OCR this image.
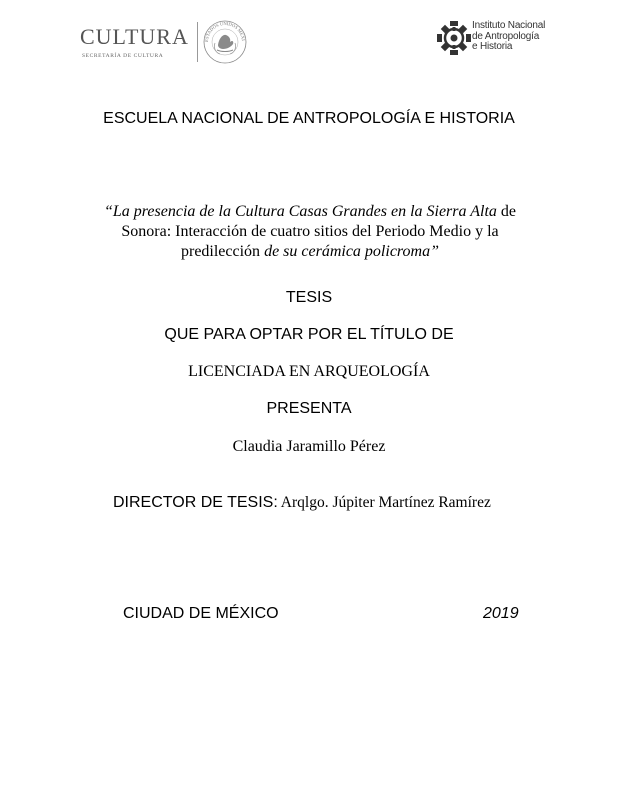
CULTURA
SECRETARÍA DE CULTURA
ESTADOS UNIDOS MEXI
Instituto Nacional
de Antropología
e Historia
ESCUELA NACIONAL DE ANTROPOLOGÍA E HISTORIA
“La presencia de la Cultura Casas Grandes en la Sierra Alta de Sonora: Interacción de cuatro sitios del Periodo Medio y la predilección de su cerámica policroma”
TESIS
QUE PARA OPTAR POR EL TÍTULO DE
LICENCIADA EN ARQUEOLOGÍA
PRESENTA
Claudia Jaramillo Pérez
DIRECTOR DE TESIS: Arqlgo. Júpiter Martínez Ramírez
CIUDAD DE MÉXICO	2019
